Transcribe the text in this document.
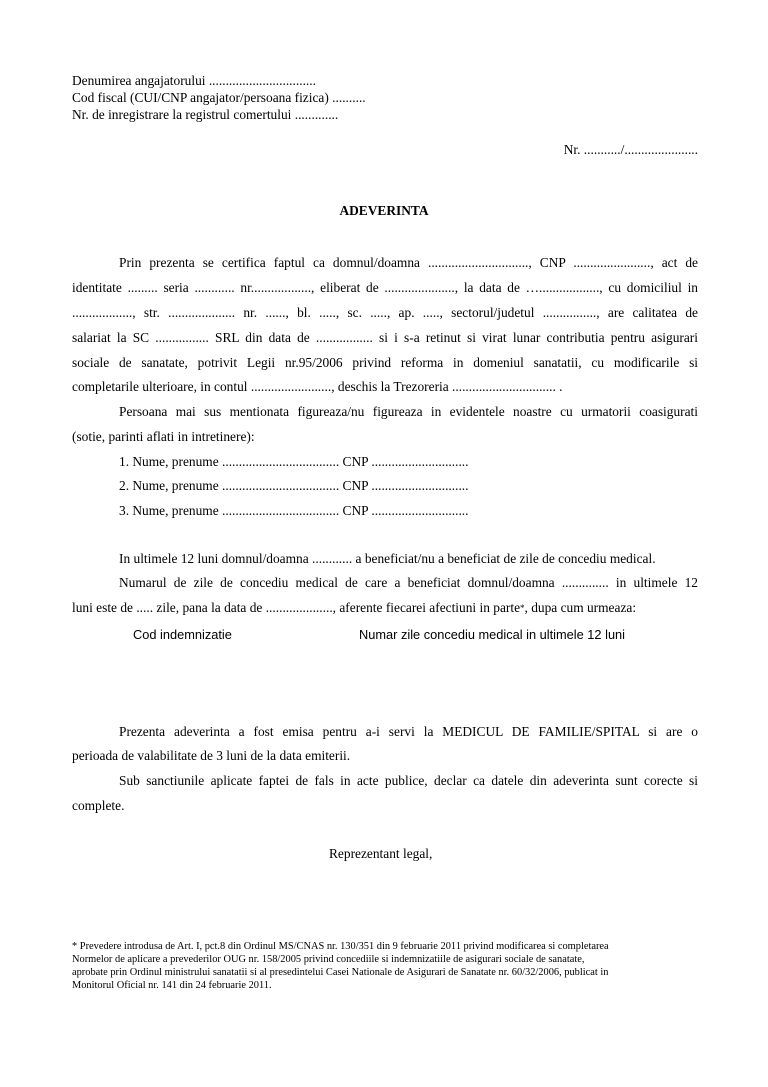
Denumirea angajatorului ................................
Cod fiscal (CUI/CNP angajator/persoana fizica) ..........
Nr. de inregistrare la registrul comertului .............
Nr. .........../......................
ADEVERINTA
Prin prezenta se certifica faptul ca domnul/doamna .............................., CNP ......................., act de
identitate ......... seria ............ nr.................., eliberat de ....................., la data de ….................., cu domiciliul in
.................., str. .................... nr. ......, bl. ....., sc. ....., ap. ....., sectorul/judetul ................, are calitatea de
salariat la SC ................ SRL din data de ................. si i s-a retinut si virat lunar contributia pentru asigurari
sociale de sanatate, potrivit Legii nr.95/2006 privind reforma in domeniul sanatatii, cu modificarile si
completarile ulterioare, in contul ........................, deschis la Trezoreria ............................... .
Persoana mai sus mentionata figureaza/nu figureaza in evidentele noastre cu urmatorii coasigurati
(sotie, parinti aflati in intretinere):
1. Nume, prenume ................................... CNP .............................
2. Nume, prenume ................................... CNP .............................
3. Nume, prenume ................................... CNP .............................
In ultimele 12 luni domnul/doamna ............ a beneficiat/nu a beneficiat de zile de concediu medical.
Numarul de zile de concediu medical de care a beneficiat domnul/doamna .............. in ultimele 12
luni este de ..... zile, pana la data de ...................., aferente fiecarei afectiuni in parte*, dupa cum urmeaza:
Cod indemnizatie	Numar zile concediu medical in ultimele 12 luni
Prezenta adeverinta a fost emisa pentru a-i servi la MEDICUL DE FAMILIE/SPITAL si are o
perioada de valabilitate de 3 luni de la data emiterii.
Sub sanctiunile aplicate faptei de fals in acte publice, declar ca datele din adeverinta sunt corecte si
complete.
Reprezentant legal,
* Prevedere introdusa de Art. I, pct.8 din Ordinul MS/CNAS nr. 130/351 din 9 februarie 2011 privind modificarea si completarea
Normelor de aplicare a prevederilor OUG nr. 158/2005 privind concediile si indemnizatiile de asigurari sociale de sanatate,
aprobate prin Ordinul ministrului sanatatii si al presedintelui Casei Nationale de Asigurari de Sanatate nr. 60/32/2006, publicat in
Monitorul Oficial nr. 141 din 24 februarie 2011.
